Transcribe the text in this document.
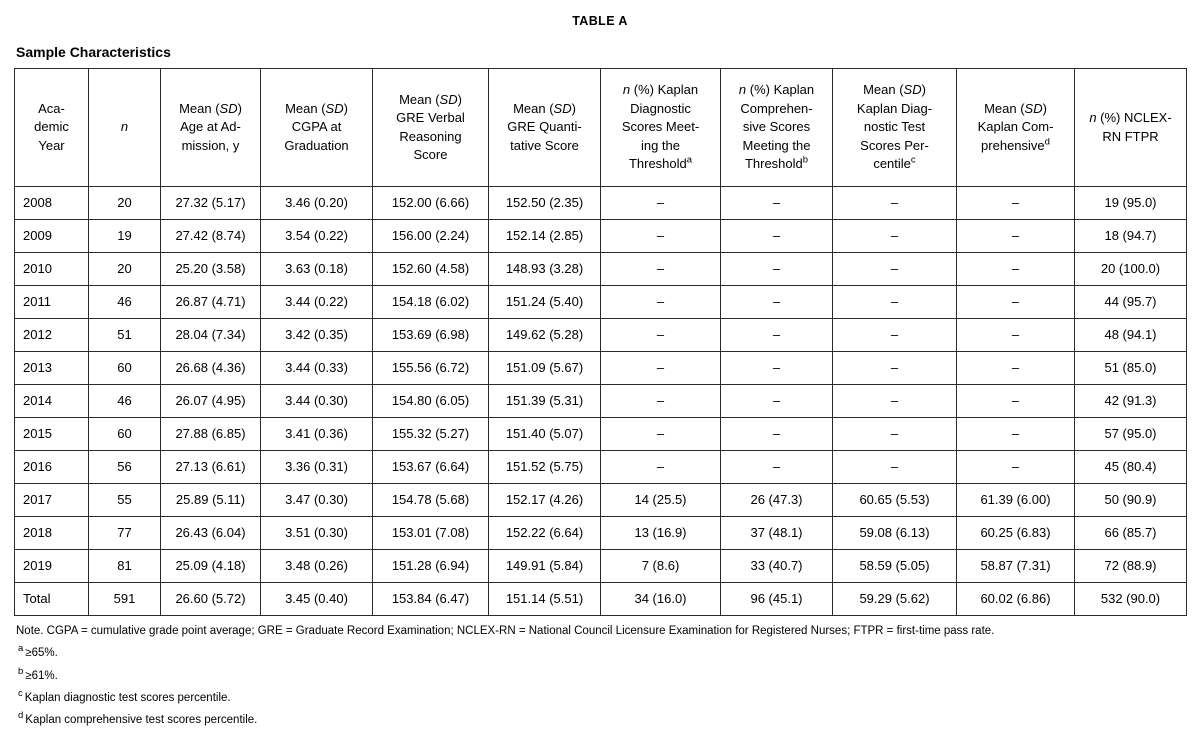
TABLE A
Sample Characteristics
Aca-
demic
Year	n	Mean (SD)
Age at Ad-
mission, y	Mean (SD)
CGPA at
Graduation	Mean (SD)
GRE Verbal
Reasoning
Score	Mean (SD)
GRE Quanti-
tative Score	n (%) Kaplan
Diagnostic
Scores Meet-
ing the
Threshold$^a$	n (%) Kaplan
Comprehen-
sive Scores
Meeting the
Threshold$^b$	Mean (SD)
Kaplan Diag-
nostic Test
Scores Per-
centile$^c$	Mean (SD)
Kaplan Com-
prehensive$^d$	n (%) NCLEX-
RN FTPR
2008	20	27.32 (5.17)	3.46 (0.20)	152.00 (6.66)	152.50 (2.35)	–	–	–	–	19 (95.0)
2009	19	27.42 (8.74)	3.54 (0.22)	156.00 (2.24)	152.14 (2.85)	–	–	–	–	18 (94.7)
2010	20	25.20 (3.58)	3.63 (0.18)	152.60 (4.58)	148.93 (3.28)	–	–	–	–	20 (100.0)
2011	46	26.87 (4.71)	3.44 (0.22)	154.18 (6.02)	151.24 (5.40)	–	–	–	–	44 (95.7)
2012	51	28.04 (7.34)	3.42 (0.35)	153.69 (6.98)	149.62 (5.28)	–	–	–	–	48 (94.1)
2013	60	26.68 (4.36)	3.44 (0.33)	155.56 (6.72)	151.09 (5.67)	–	–	–	–	51 (85.0)
2014	46	26.07 (4.95)	3.44 (0.30)	154.80 (6.05)	151.39 (5.31)	–	–	–	–	42 (91.3)
2015	60	27.88 (6.85)	3.41 (0.36)	155.32 (5.27)	151.40 (5.07)	–	–	–	–	57 (95.0)
2016	56	27.13 (6.61)	3.36 (0.31)	153.67 (6.64)	151.52 (5.75)	–	–	–	–	45 (80.4)
2017	55	25.89 (5.11)	3.47 (0.30)	154.78 (5.68)	152.17 (4.26)	14 (25.5)	26 (47.3)	60.65 (5.53)	61.39 (6.00)	50 (90.9)
2018	77	26.43 (6.04)	3.51 (0.30)	153.01 (7.08)	152.22 (6.64)	13 (16.9)	37 (48.1)	59.08 (6.13)	60.25 (6.83)	66 (85.7)
2019	81	25.09 (4.18)	3.48 (0.26)	151.28 (6.94)	149.91 (5.84)	7 (8.6)	33 (40.7)	58.59 (5.05)	58.87 (7.31)	72 (88.9)
Total	591	26.60 (5.72)	3.45 (0.40)	153.84 (6.47)	151.14 (5.51)	34 (16.0)	96 (45.1)	59.29 (5.62)	60.02 (6.86)	532 (90.0)

Note. CGPA = cumulative grade point average; GRE = Graduate Record Examination; NCLEX-RN = National Council Licensure Examination for Registered Nurses; FTPR = first-time pass rate.

$^a$ ≥65%.

$^b$ ≥61%.

$^c$ Kaplan diagnostic test scores percentile.

$^d$ Kaplan comprehensive test scores percentile.
